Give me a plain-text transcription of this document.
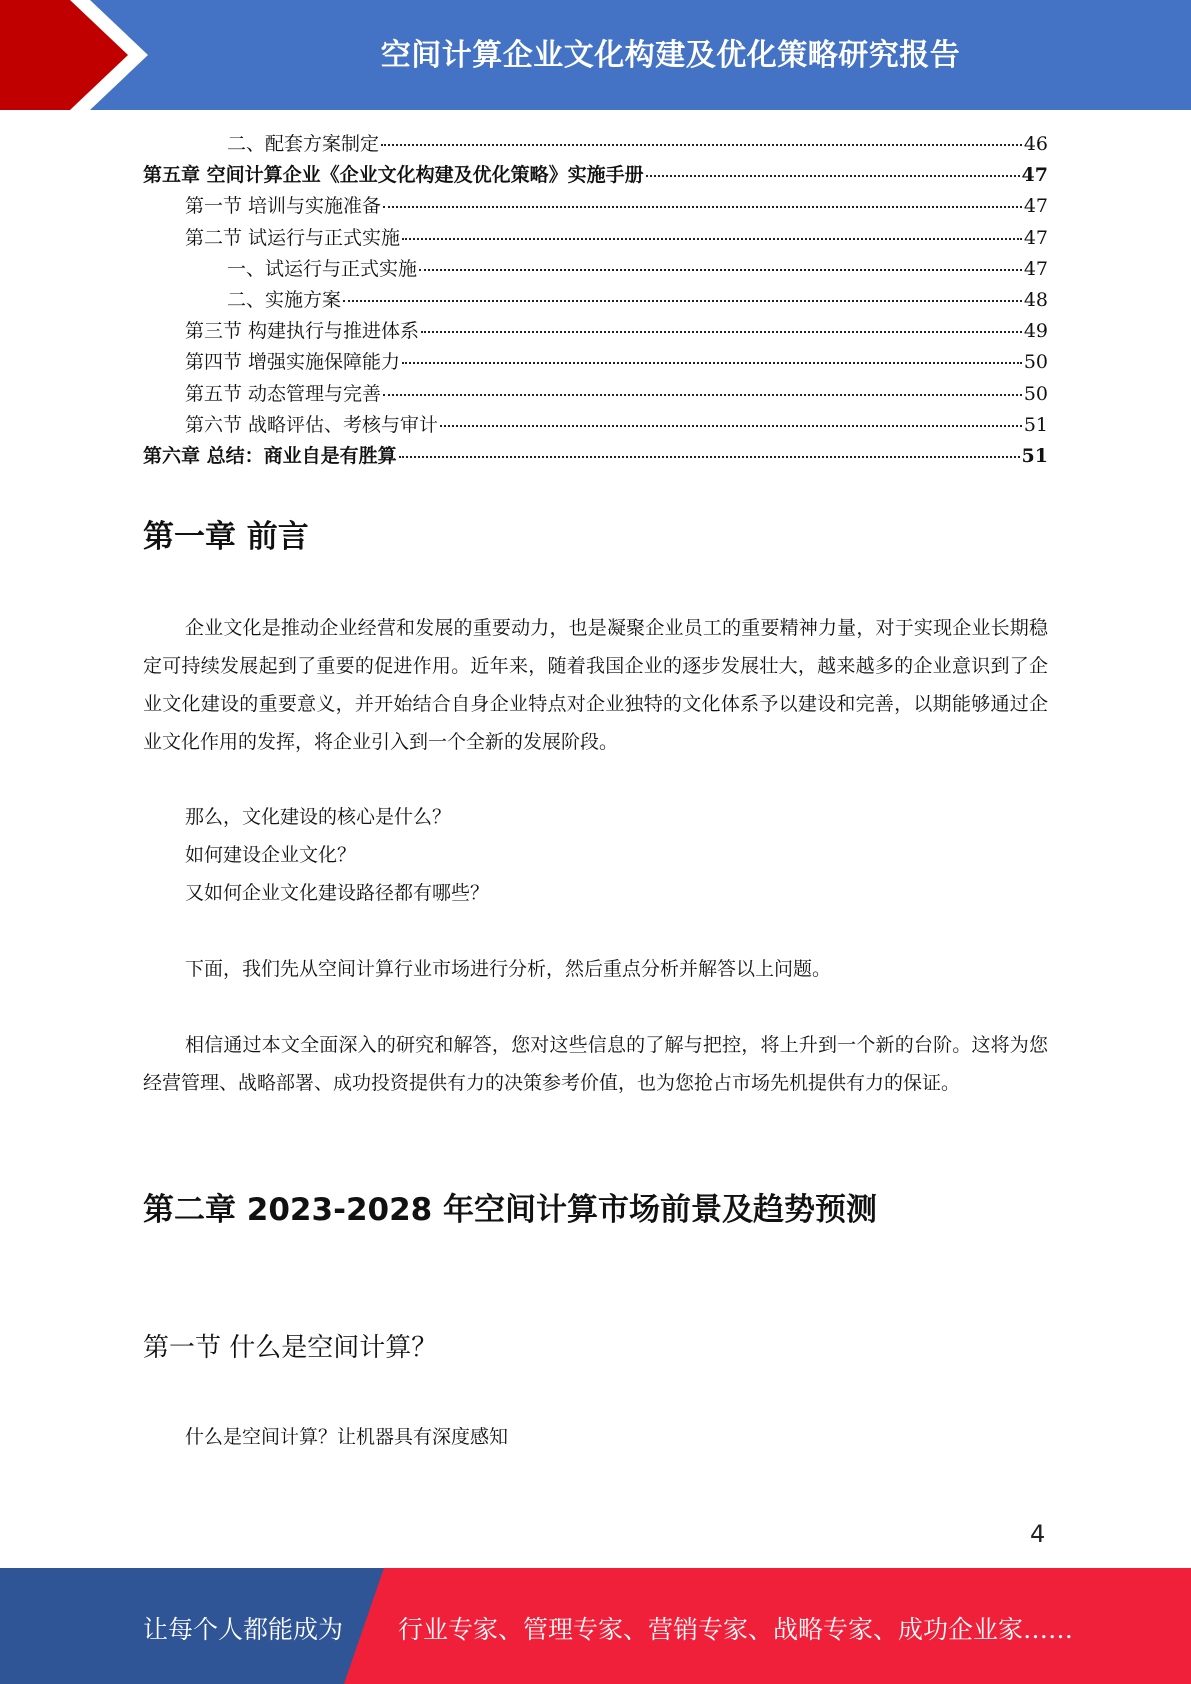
空间计算企业文化构建及优化策略研究报告
二、配套方案制定	46
第五章 空间计算企业《企业文化构建及优化策略》实施手册	47
第一节 培训与实施准备	47
第二节 试运行与正式实施	47
一、试运行与正式实施	47
二、实施方案	48
第三节 构建执行与推进体系	49
第四节 增强实施保障能力	50
第五节 动态管理与完善	50
第六节 战略评估、考核与审计	51
第六章 总结：商业自是有胜算	51
第一章 前言

企业文化是推动企业经营和发展的重要动力，也是凝聚企业员工的重要精神力量，对于实现企业长期稳定可持续发展起到了重要的促进作用。近年来，随着我国企业的逐步发展壮大，越来越多的企业意识到了企业文化建设的重要意义，并开始结合自身企业特点对企业独特的文化体系予以建设和完善，以期能够通过企业文化作用的发挥，将企业引入到一个全新的发展阶段。

那么，文化建设的核心是什么？

如何建设企业文化？

又如何企业文化建设路径都有哪些？

下面，我们先从空间计算行业市场进行分析，然后重点分析并解答以上问题。

相信通过本文全面深入的研究和解答，您对这些信息的了解与把控，将上升到一个新的台阶。这将为您经营管理、战略部署、成功投资提供有力的决策参考价值，也为您抢占市场先机提供有力的保证。

第二章 2023-2028 年空间计算市场前景及趋势预测
第一节 什么是空间计算？

什么是空间计算？让机器具有深度感知

4
让每个人都能成为 行业专家、管理专家、营销专家、战略专家、成功企业家……
